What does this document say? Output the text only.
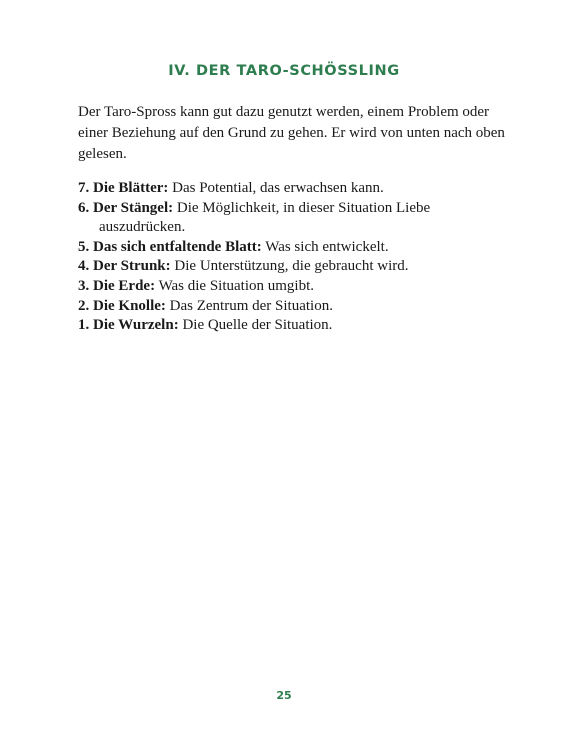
IV. DER TARO-SCHÖSSLING

Der Taro-Spross kann gut dazu genutzt werden, einem Problem oder einer Beziehung auf den Grund zu gehen. Er wird von unten nach oben gelesen.

7. Die Blätter: Das Potential, das erwachsen kann.
6. Der Stängel: Die Möglichkeit, in dieser Situation Liebe auszudrücken.
5. Das sich entfaltende Blatt: Was sich entwickelt.
4. Der Strunk: Die Unterstützung, die gebraucht wird.
3. Die Erde: Was die Situation umgibt.
2. Die Knolle: Das Zentrum der Situation.
1. Die Wurzeln: Die Quelle der Situation.
25
